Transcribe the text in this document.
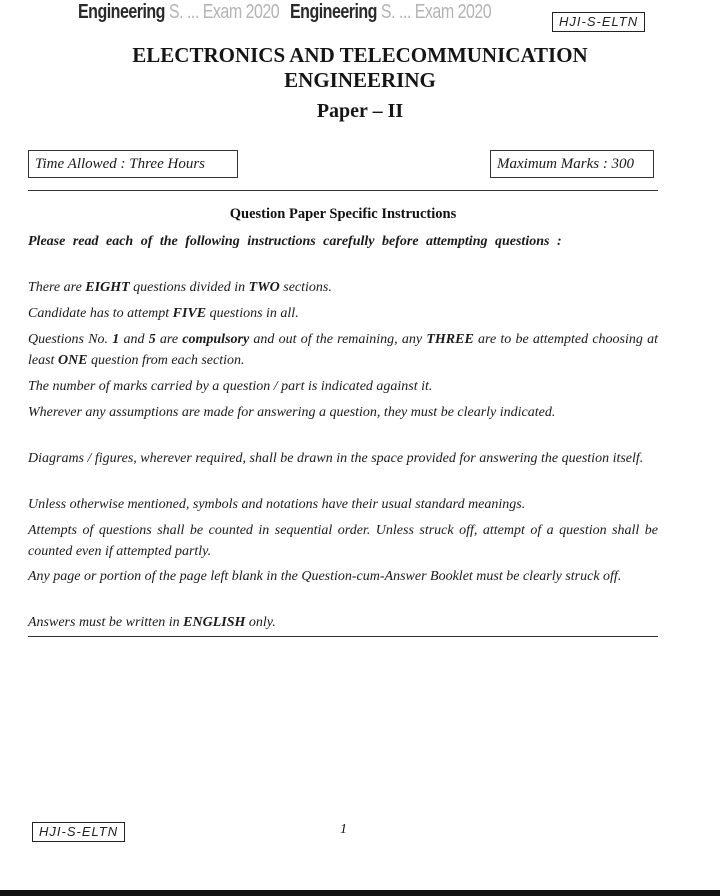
Engineering S. ... Exam 2020 Engineering S. ... Exam 2020	HJI-S-ELTN
ELECTRONICS AND TELECOMMUNICATION
ENGINEERING
Paper – II
Time Allowed : Three Hours	Maximum Marks : 300
Question Paper Specific Instructions

Please read each of the following instructions carefully before attempting questions :

There are EIGHT questions divided in TWO sections.

Candidate has to attempt FIVE questions in all.

Questions No. 1 and 5 are compulsory and out of the remaining, any THREE are to be attempted choosing at least ONE question from each section.

The number of marks carried by a question / part is indicated against it.

Wherever any assumptions are made for answering a question, they must be clearly indicated.

Diagrams / figures, wherever required, shall be drawn in the space provided for answering the question itself.

Unless otherwise mentioned, symbols and notations have their usual standard meanings.

Attempts of questions shall be counted in sequential order. Unless struck off, attempt of a question shall be counted even if attempted partly.

Any page or portion of the page left blank in the Question-cum-Answer Booklet must be clearly struck off.

Answers must be written in ENGLISH only.

HJI-S-ELTN	1
